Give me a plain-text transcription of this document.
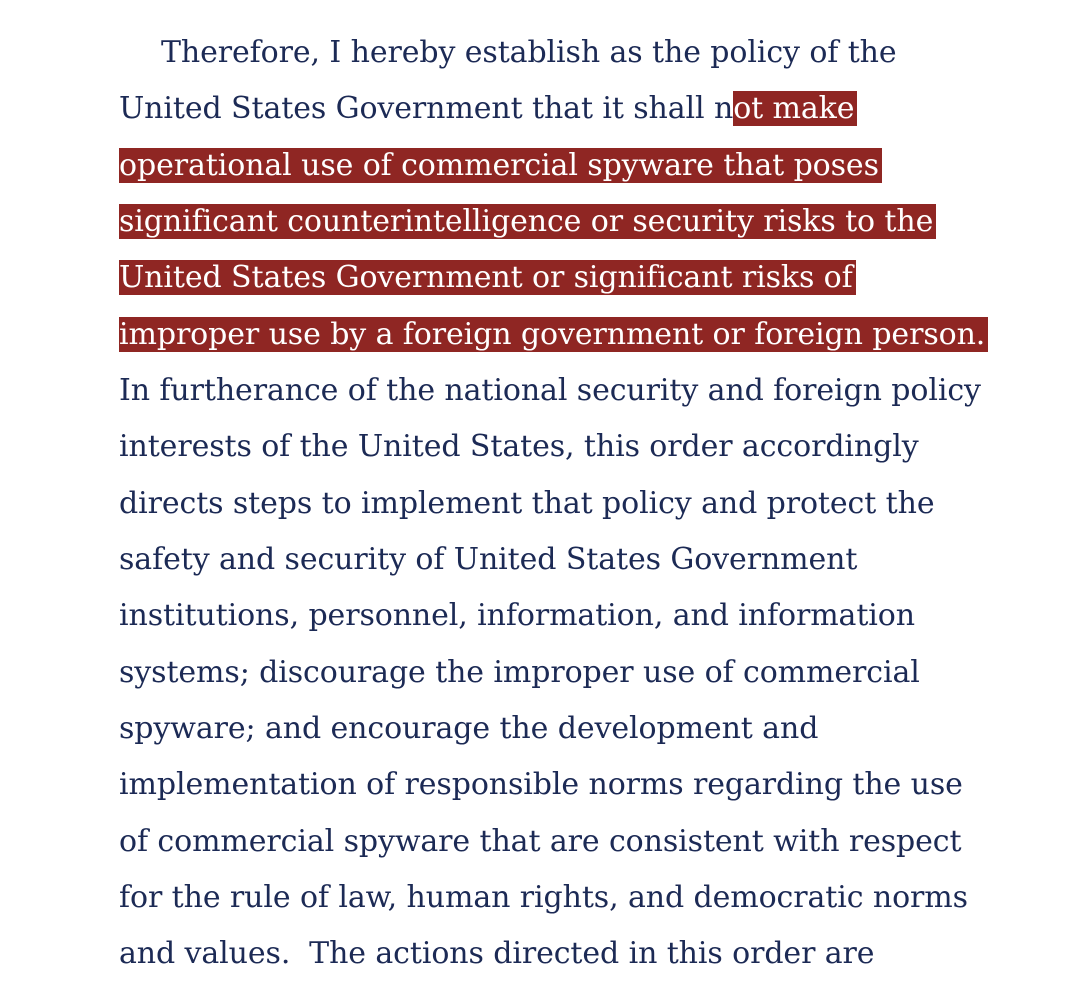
Therefore, I hereby establish as the policy of the
United States Government that it shall not make
operational use of commercial spyware that poses
significant counterintelligence or security risks to the
United States Government or significant risks of
improper use by a foreign government or foreign person.
In furtherance of the national security and foreign policy
interests of the United States, this order accordingly
directs steps to implement that policy and protect the
safety and security of United States Government
institutions, personnel, information, and information
systems; discourage the improper use of commercial
spyware; and encourage the development and
implementation of responsible norms regarding the use
of commercial spyware that are consistent with respect
for the rule of law, human rights, and democratic norms
and values.  The actions directed in this order are
